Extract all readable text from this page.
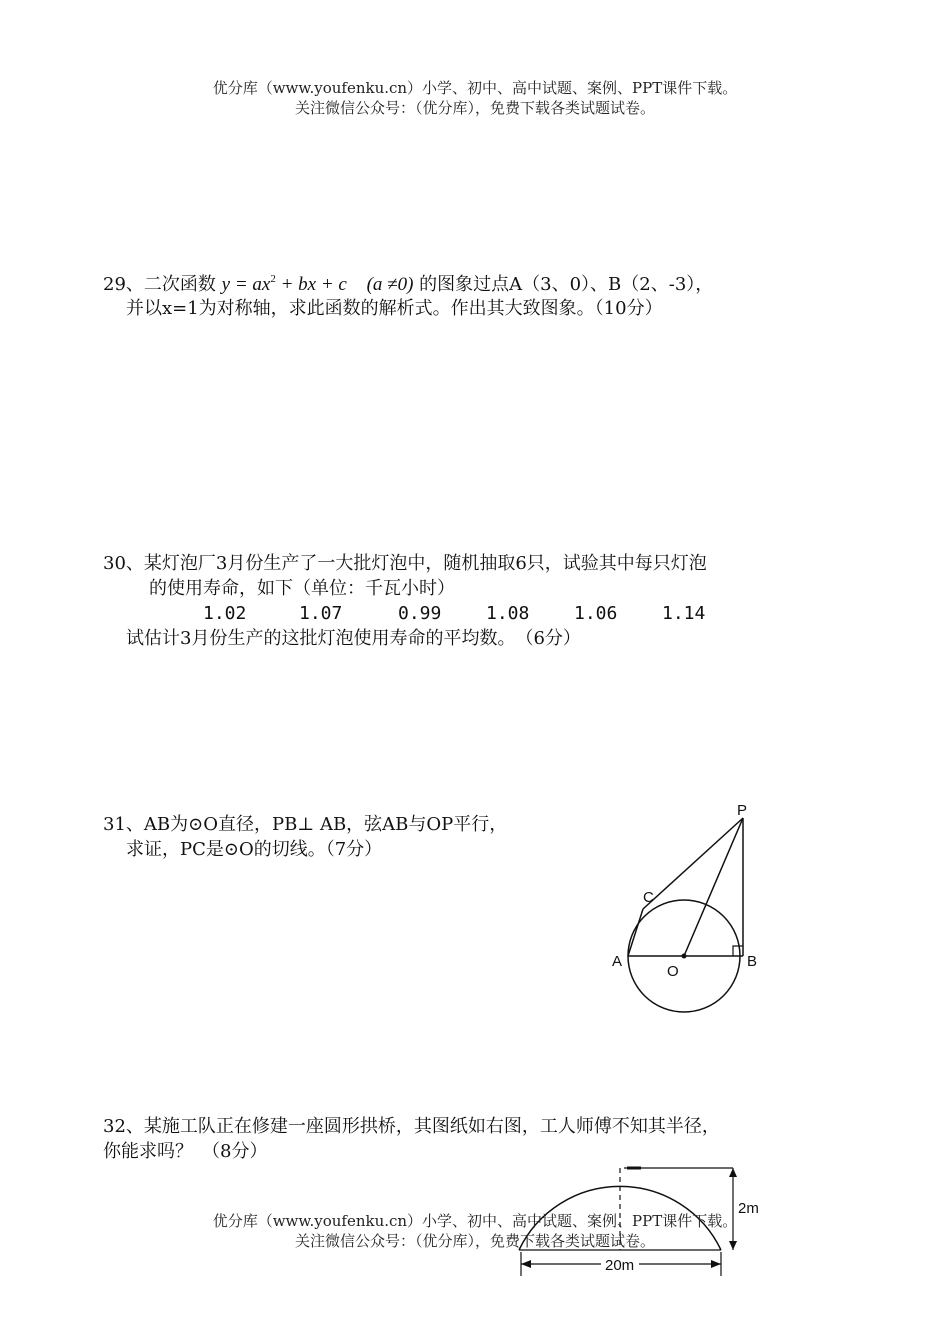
优分库（www.youfenku.cn）小学、初中、高中试题、案例、PPT课件下载。
关注微信公众号：（优分库），免费下载各类试题试卷。
29、二次函数 $y = ax^2$ + bx + c (a ≠0) 的图象过点A（3、0）、B（2、-3），
并以x=1为对称轴，求此函数的解析式。作出其大致图象。（10分）
30、某灯泡厂3月份生产了一大批灯泡中，随机抽取6只，试验其中每只灯泡
的使用寿命，如下（单位：千瓦小时）
1.02	1.07	0.99 1.08 1.06 1.14
试估计3月份生产的这批灯泡使用寿命的平均数。　（6分）
31、AB为⊙O直径，PB⊥ AB，弦AB与OP平行，
求证，PC是⊙O的切线。（7分）
P
C
A
O
B
32、某施工队正在修建一座圆形拱桥，其图纸如右图，工人师傅不知其半径，
你能求吗？　（8分）
2m
20m
优分库（www.youfenku.cn）小学、初中、高中试题、案例、PPT课件下载。
关注微信公众号：（优分库），免费下载各类试题试卷。
